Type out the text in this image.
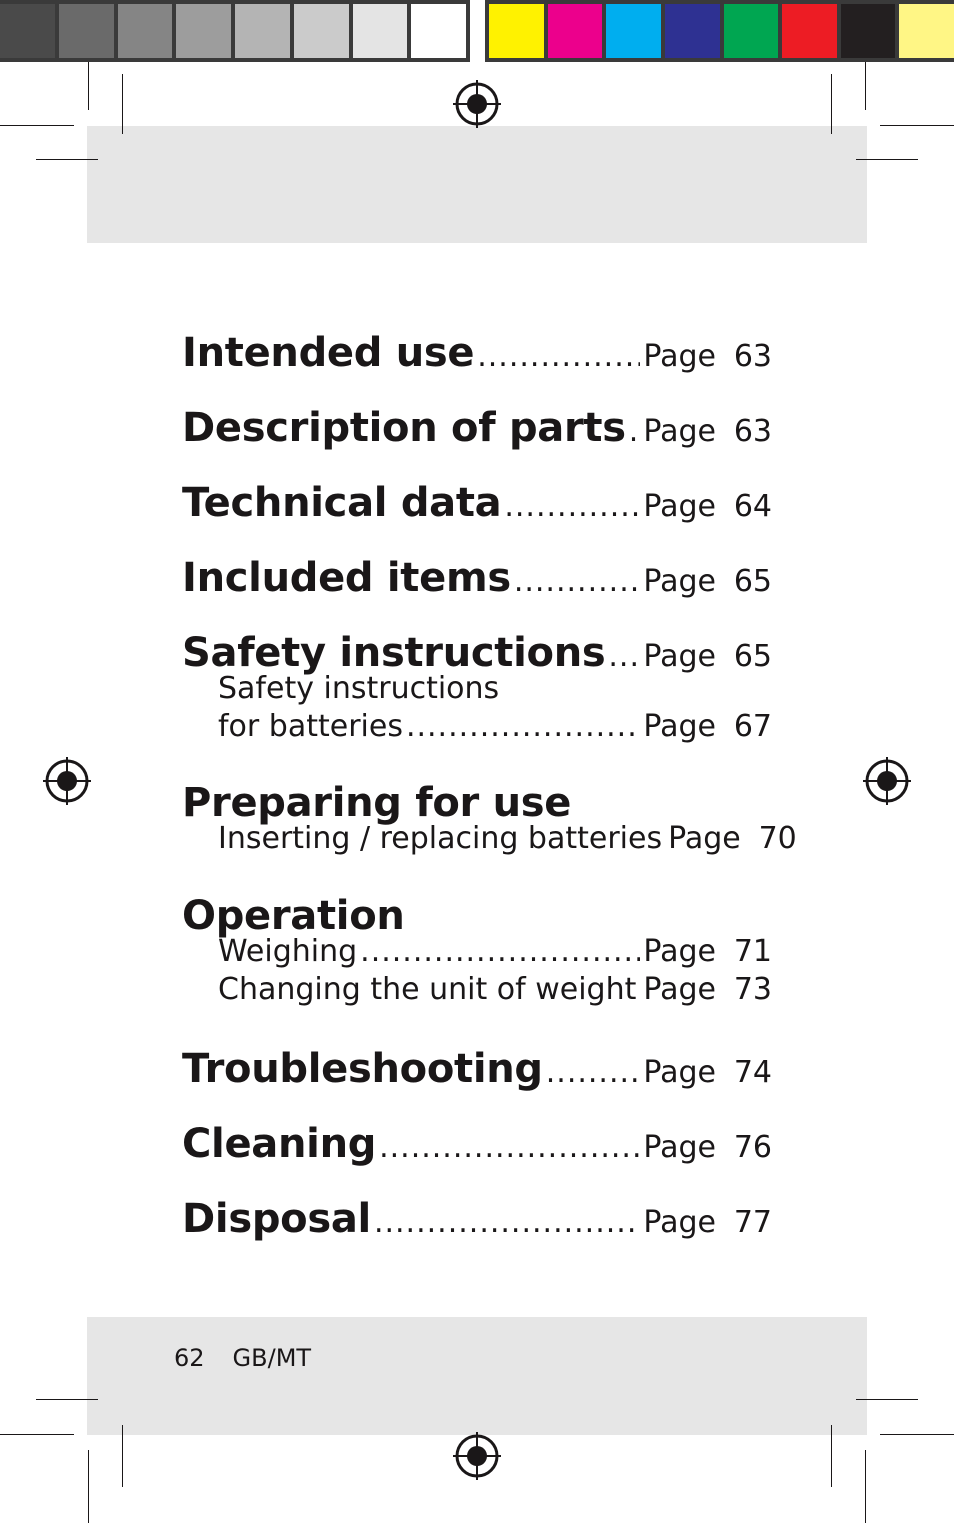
Intended use .....	Page 63
Description of parts ..... Page 63
Technical data .....	Page 64
Included items .....	Page 65
Safety instructions ..... Page 65
Safety instructions
for batteries .....	Page 67
Preparing for use
Inserting / replacing batteries Page 70
Operation
Weighing .....	Page 71
Changing the unit of weight ..... Page 73
Troubleshooting .....	Page 74
Cleaning .....	Page 76
Disposal .....	Page 77
62 GB/MT
